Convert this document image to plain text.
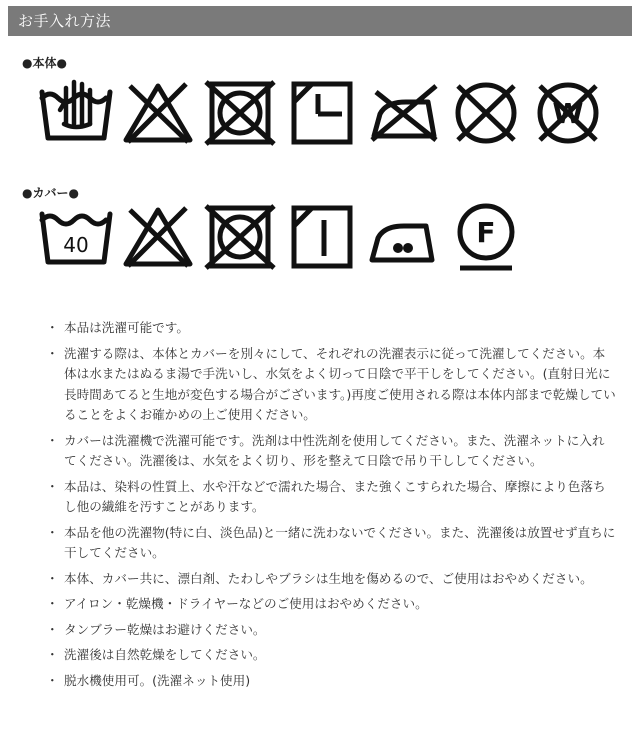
お手入れ方法
●本体●
W
●カバー●
40	F
・ 本品は洗濯可能です。
・ 洗濯する際は、本体とカバーを別々にして、それぞれの洗濯表示に従って洗濯してください。本体は水またはぬるま湯で手洗いし、水気をよく切って日陰で平干しをしてください。(直射日光に長時間あてると生地が変色する場合がございます。)再度ご使用される際は本体内部まで乾燥していることをよくお確かめの上ご使用ください。
・ カバーは洗濯機で洗濯可能です。洗剤は中性洗剤を使用してください。また、洗濯ネットに入れてください。洗濯後は、水気をよく切り、形を整えて日陰で吊り干ししてください。
・ 本品は、染料の性質上、水や汗などで濡れた場合、また強くこすられた場合、摩擦により色落ちし他の繊維を汚すことがあります。
・ 本品を他の洗濯物(特に白、淡色品)と一緒に洗わないでください。また、洗濯後は放置せず直ちに干してください。
・ 本体、カバー共に、漂白剤、たわしやブラシは生地を傷めるので、ご使用はおやめください。
・ アイロン・乾燥機・ドライヤーなどのご使用はおやめください。
・ タンブラー乾燥はお避けください。
・ 洗濯後は自然乾燥をしてください。
・ 脱水機使用可。(洗濯ネット使用)
